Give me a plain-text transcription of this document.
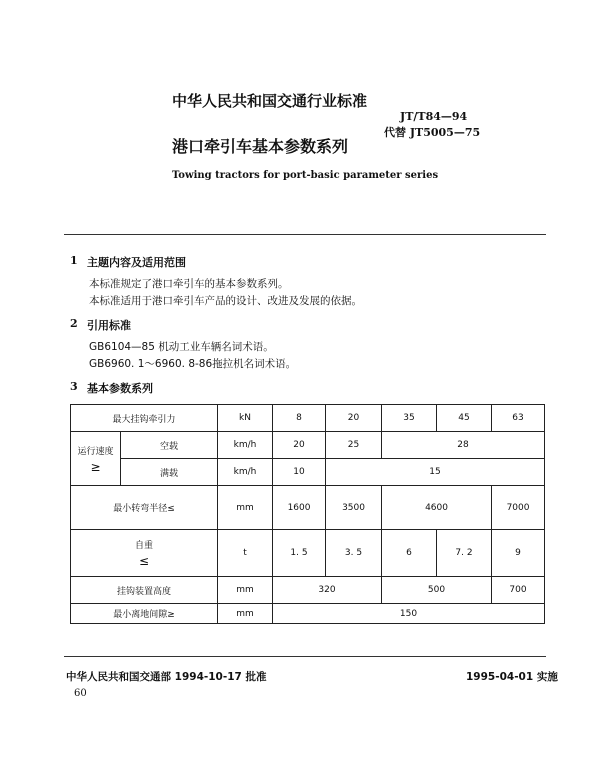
中华人民共和国交通行业标准
JT/T84—94
代替 JT5005—75
港口牵引车基本参数系列
Towing tractors for port-basic parameter series
1 主题内容及适用范围
本标准规定了港口牵引车的基本参数系列。
本标准适用于港口牵引车产品的设计、改进及发展的依据。
2 引用标准
GB6104—85 机动工业车辆名词术语。
GB6960. 1～6960. 8-86拖拉机名词术语。
3 基本参数系列
最大挂钩牵引力		kN	8	20	35	45	63

运行速度
≥	空载	km/h	20	25	28		
	满载	km/h	10	15			
最小转弯半径≤		mm	1600	3500	4600		7000

自重
≤		t	1. 5	3. 5	6	7. 2	9
挂钩装置高度		mm	320		500		700
最小离地间隙≥		mm	150				
中华人民共和国交通部 1994-10-17 批准	1995-04-01 实施
60
